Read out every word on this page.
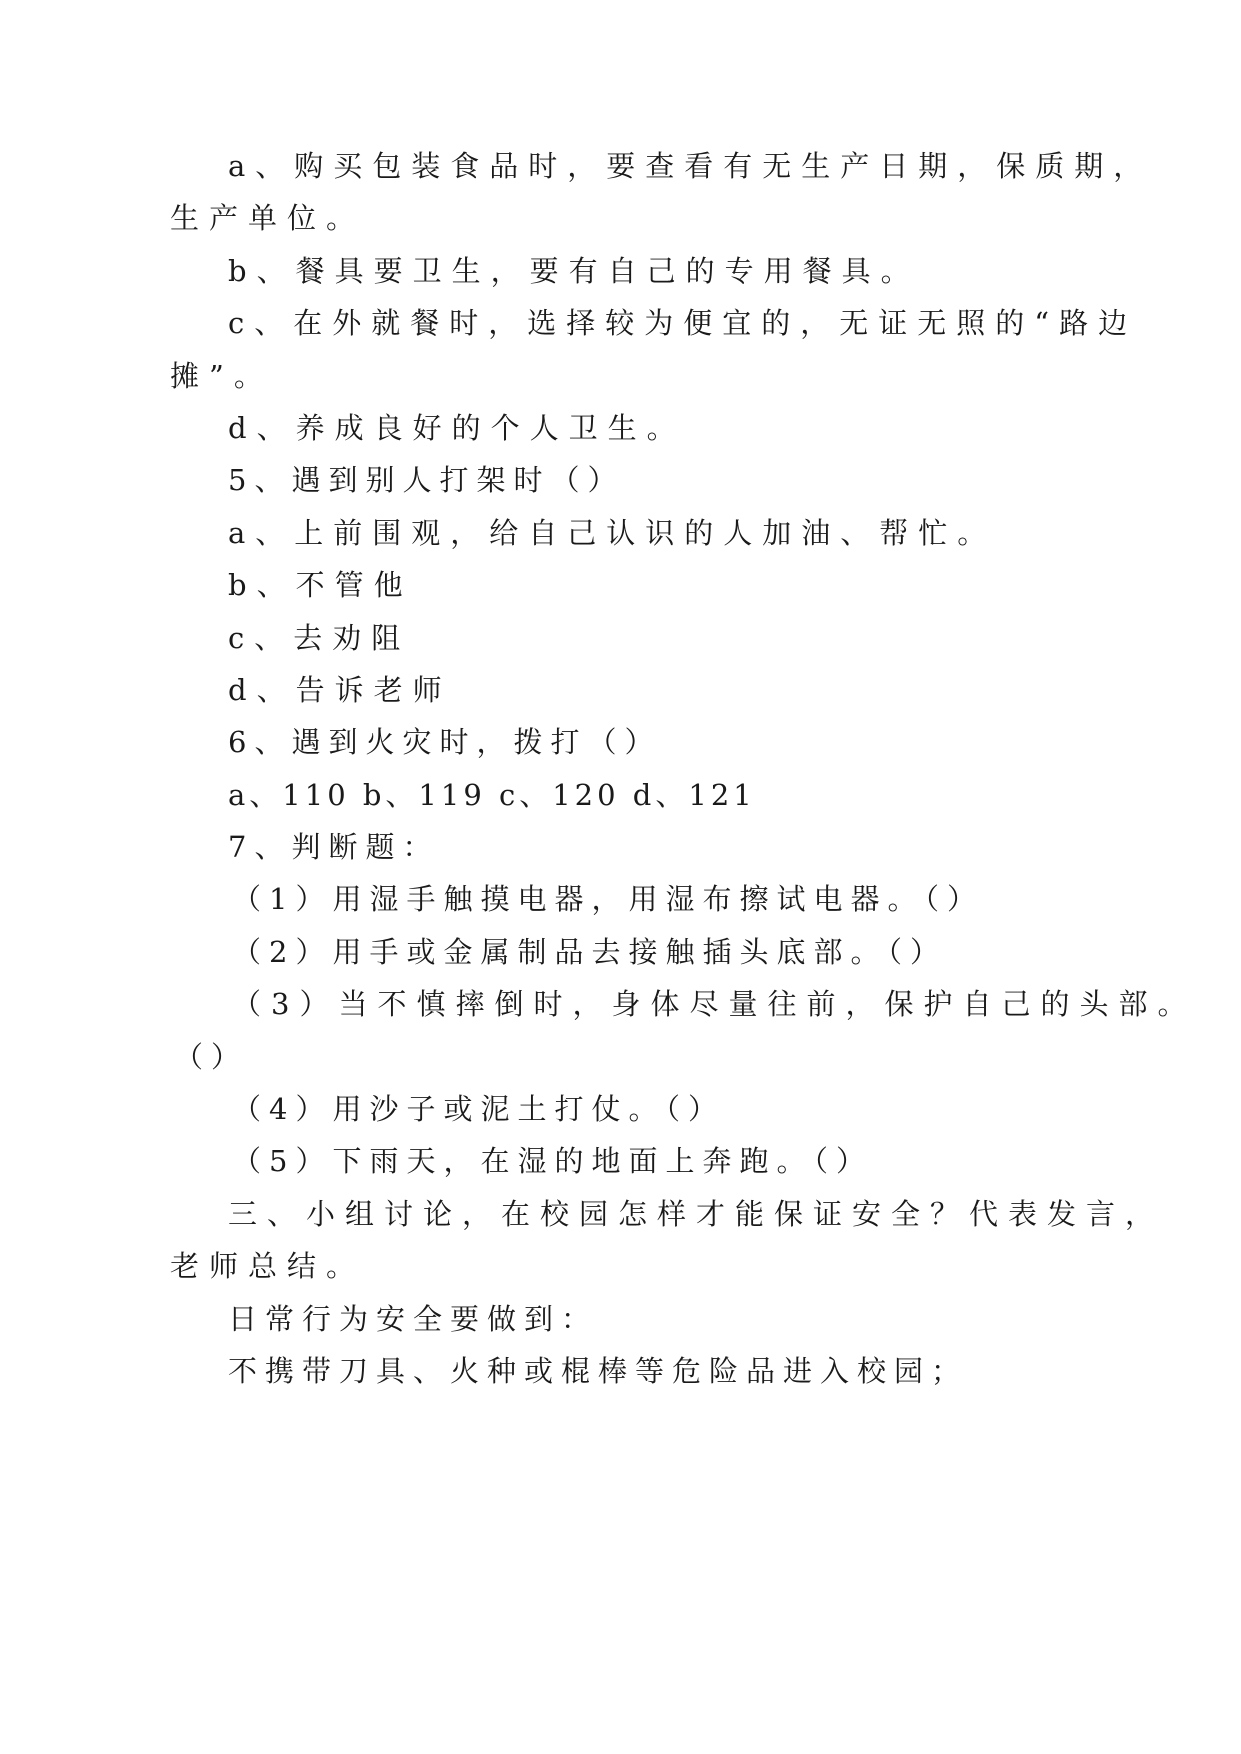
a、购买包装食品时，要查看有无生产日期，保质期，
生产单位。
b、餐具要卫生，要有自己的专用餐具。
c、在外就餐时，选择较为便宜的，无证无照的“路边
摊”。
d、养成良好的个人卫生。
5、遇到别人打架时（）
a、上前围观，给自己认识的人加油、帮忙。
b、不管他
c、去劝阻
d、告诉老师
6、遇到火灾时，拨打（）
a、110 b、119 c、120 d、121
7、判断题：
（1）用湿手触摸电器，用湿布擦试电器。（）
（2）用手或金属制品去接触插头底部。（）
（3）当不慎摔倒时，身体尽量往前，保护自己的头部。
（）
（4）用沙子或泥土打仗。（）
（5）下雨天，在湿的地面上奔跑。（）
三、小组讨论，在校园怎样才能保证安全？代表发言，
老师总结。
日常行为安全要做到：
不携带刀具、火种或棍棒等危险品进入校园；
